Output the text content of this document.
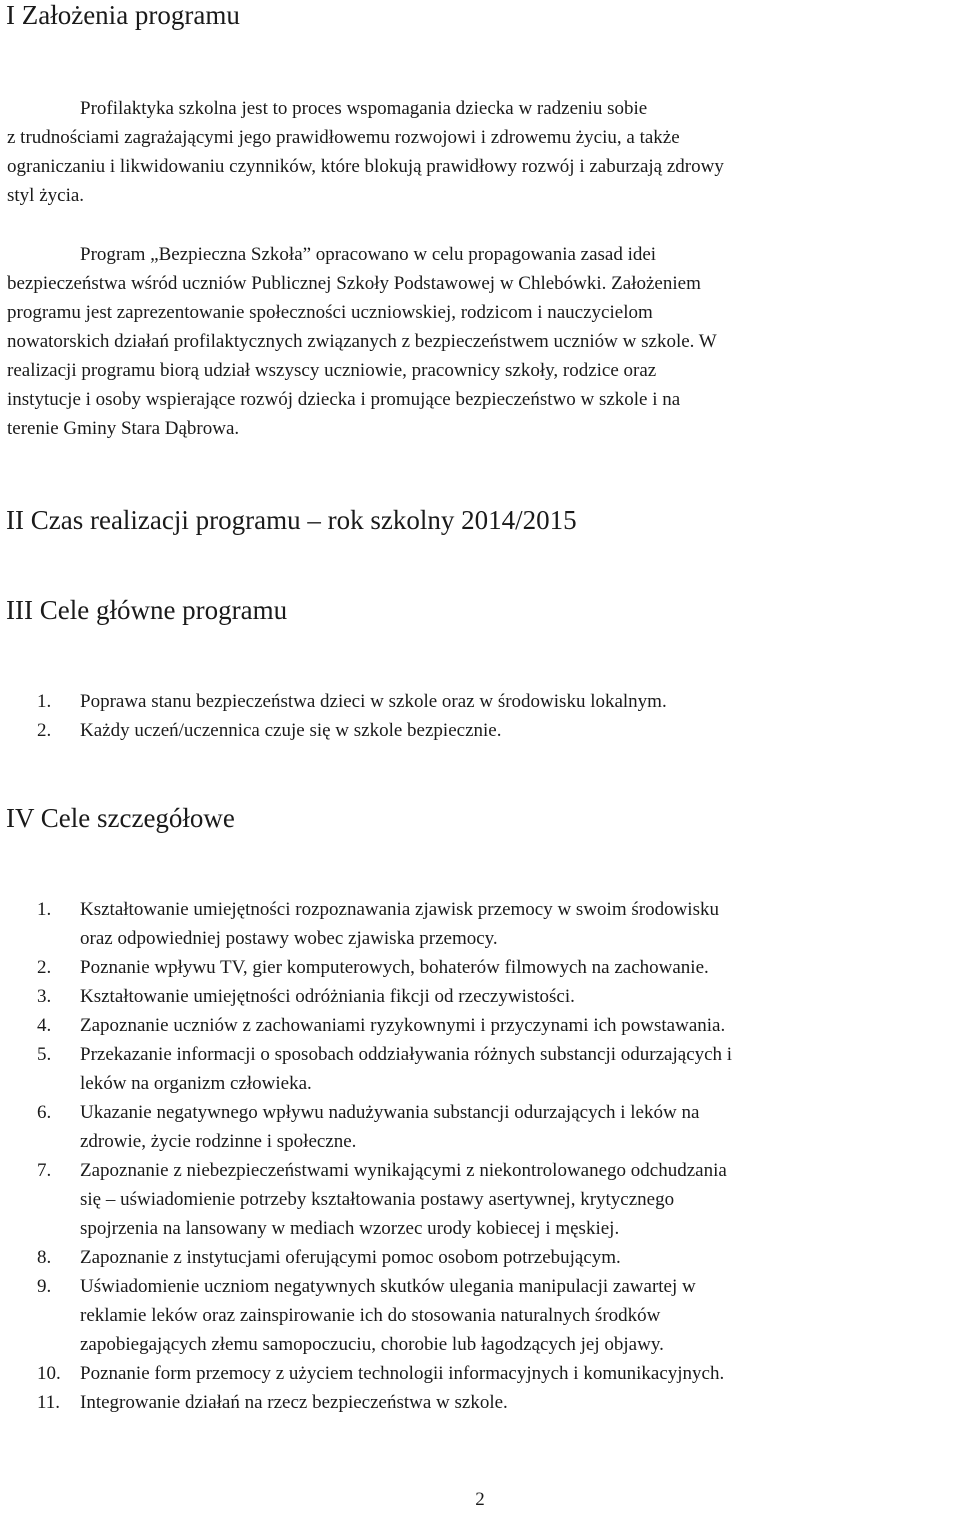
I Założenia programu
Profilaktyka szkolna jest to proces wspomagania dziecka w radzeniu sobie
z trudnościami zagrażającymi jego prawidłowemu rozwojowi i zdrowemu życiu, a także
ograniczaniu i likwidowaniu czynników, które blokują prawidłowy rozwój i zaburzają zdrowy
styl życia.
Program „Bezpieczna Szkoła” opracowano w celu propagowania zasad idei
bezpieczeństwa wśród uczniów Publicznej Szkoły Podstawowej w Chlebówki. Założeniem
programu jest zaprezentowanie społeczności uczniowskiej, rodzicom i nauczycielom
nowatorskich działań profilaktycznych związanych z bezpieczeństwem uczniów w szkole. W
realizacji programu biorą udział wszyscy uczniowie, pracownicy szkoły, rodzice oraz
instytucje i osoby wspierające rozwój dziecka i promujące bezpieczeństwo w szkole i na
terenie Gminy Stara Dąbrowa.
II Czas realizacji programu – rok szkolny 2014/2015
III Cele główne programu
1. Poprawa stanu bezpieczeństwa dzieci w szkole oraz w środowisku lokalnym.
2. Każdy uczeń/uczennica czuje się w szkole bezpiecznie.
IV Cele szczegółowe
1. Kształtowanie umiejętności rozpoznawania zjawisk przemocy w swoim środowisku
oraz odpowiedniej postawy wobec zjawiska przemocy.
2. Poznanie wpływu TV, gier komputerowych, bohaterów filmowych na zachowanie.
3. Kształtowanie umiejętności odróżniania fikcji od rzeczywistości.
4. Zapoznanie uczniów z zachowaniami ryzykownymi i przyczynami ich powstawania.
5. Przekazanie informacji o sposobach oddziaływania różnych substancji odurzających i
leków na organizm człowieka.
6. Ukazanie negatywnego wpływu nadużywania substancji odurzających i leków na
zdrowie, życie rodzinne i społeczne.
7. Zapoznanie z niebezpieczeństwami wynikającymi z niekontrolowanego odchudzania
się – uświadomienie potrzeby kształtowania postawy asertywnej, krytycznego
spojrzenia na lansowany w mediach wzorzec urody kobiecej i męskiej.
8. Zapoznanie z instytucjami oferującymi pomoc osobom potrzebującym.
9. Uświadomienie uczniom negatywnych skutków ulegania manipulacji zawartej w
reklamie leków oraz zainspirowanie ich do stosowania naturalnych środków
zapobiegających złemu samopoczuciu, chorobie lub łagodzących jej objawy.
10. Poznanie form przemocy z użyciem technologii informacyjnych i komunikacyjnych.
11. Integrowanie działań na rzecz bezpieczeństwa w szkole.
2
